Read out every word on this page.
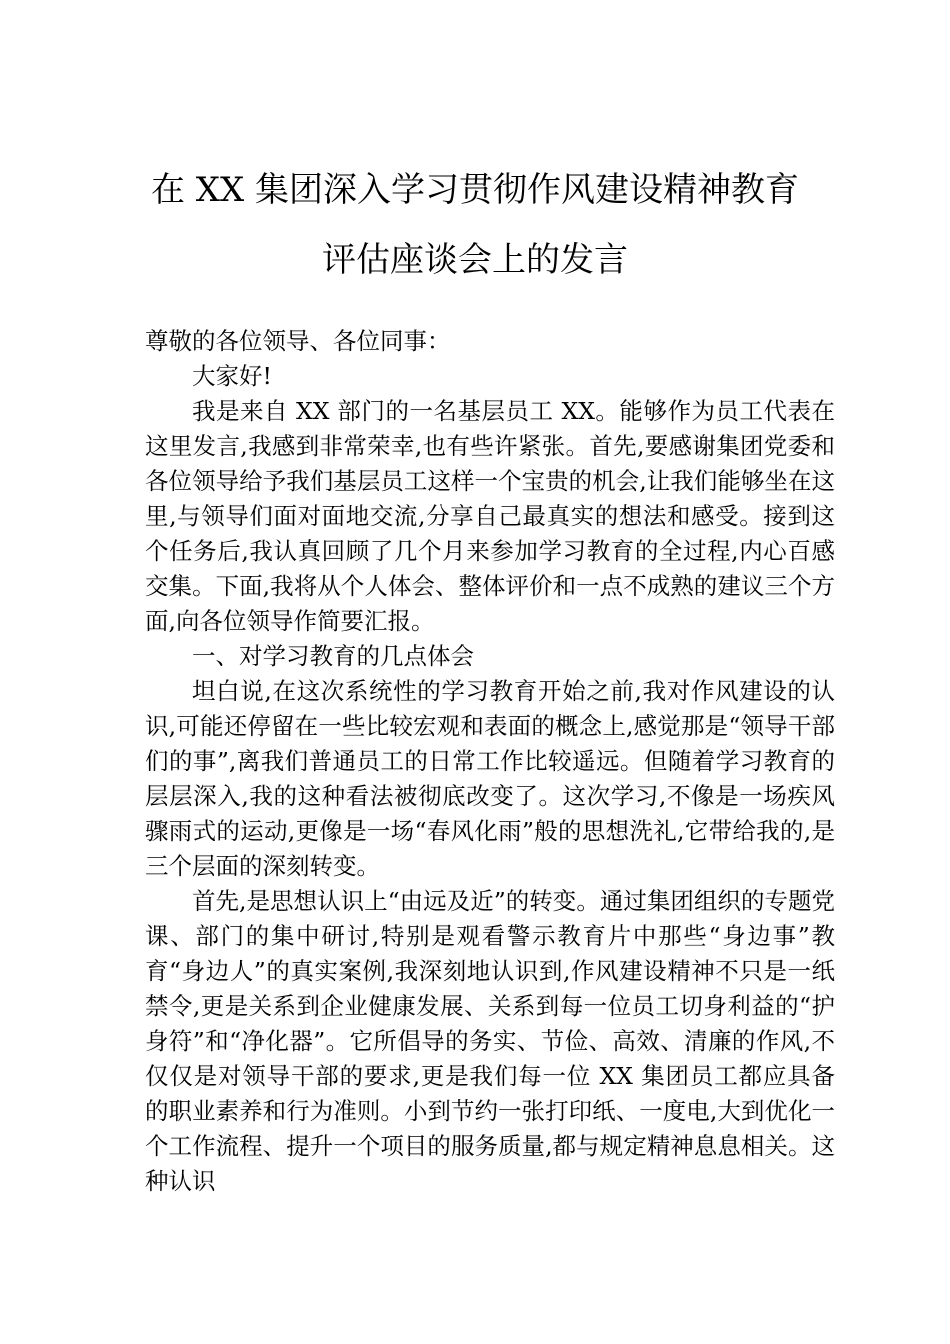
在 XX 集团深入学习贯彻作风建设精神教育
评估座谈会上的发言

尊敬的各位领导、各位同事：

大家好!

我是来自 XX 部门的一名基层员工 XX。能够作为员工代表在这里发言,我感到非常荣幸,也有些许紧张。首先,要感谢集团党委和各位领导给予我们基层员工这样一个宝贵的机会,让我们能够坐在这里,与领导们面对面地交流,分享自己最真实的想法和感受。接到这个任务后,我认真回顾了几个月来参加学习教育的全过程,内心百感交集。下面,我将从个人体会、整体评价和一点不成熟的建议三个方面,向各位领导作简要汇报。

一、对学习教育的几点体会

坦白说,在这次系统性的学习教育开始之前,我对作风建设的认识,可能还停留在一些比较宏观和表面的概念上,感觉那是“领导干部们的事”,离我们普通员工的日常工作比较遥远。但随着学习教育的层层深入,我的这种看法被彻底改变了。这次学习,不像是一场疾风骤雨式的运动,更像是一场“春风化雨”般的思想洗礼,它带给我的,是三个层面的深刻转变。

首先,是思想认识上“由远及近”的转变。通过集团组织的专题党课、部门的集中研讨,特别是观看警示教育片中那些“身边事”教育“身边人”的真实案例,我深刻地认识到,作风建设精神不只是一纸禁令,更是关系到企业健康发展、关系到每一位员工切身利益的“护身符”和“净化器”。它所倡导的务实、节俭、高效、清廉的作风,不仅仅是对领导干部的要求,更是我们每一位 XX 集团员工都应具备的职业素养和行为准则。小到节约一张打印纸、一度电,大到优化一个工作流程、提升一个项目的服务质量,都与规定精神息息相关。这种认识
